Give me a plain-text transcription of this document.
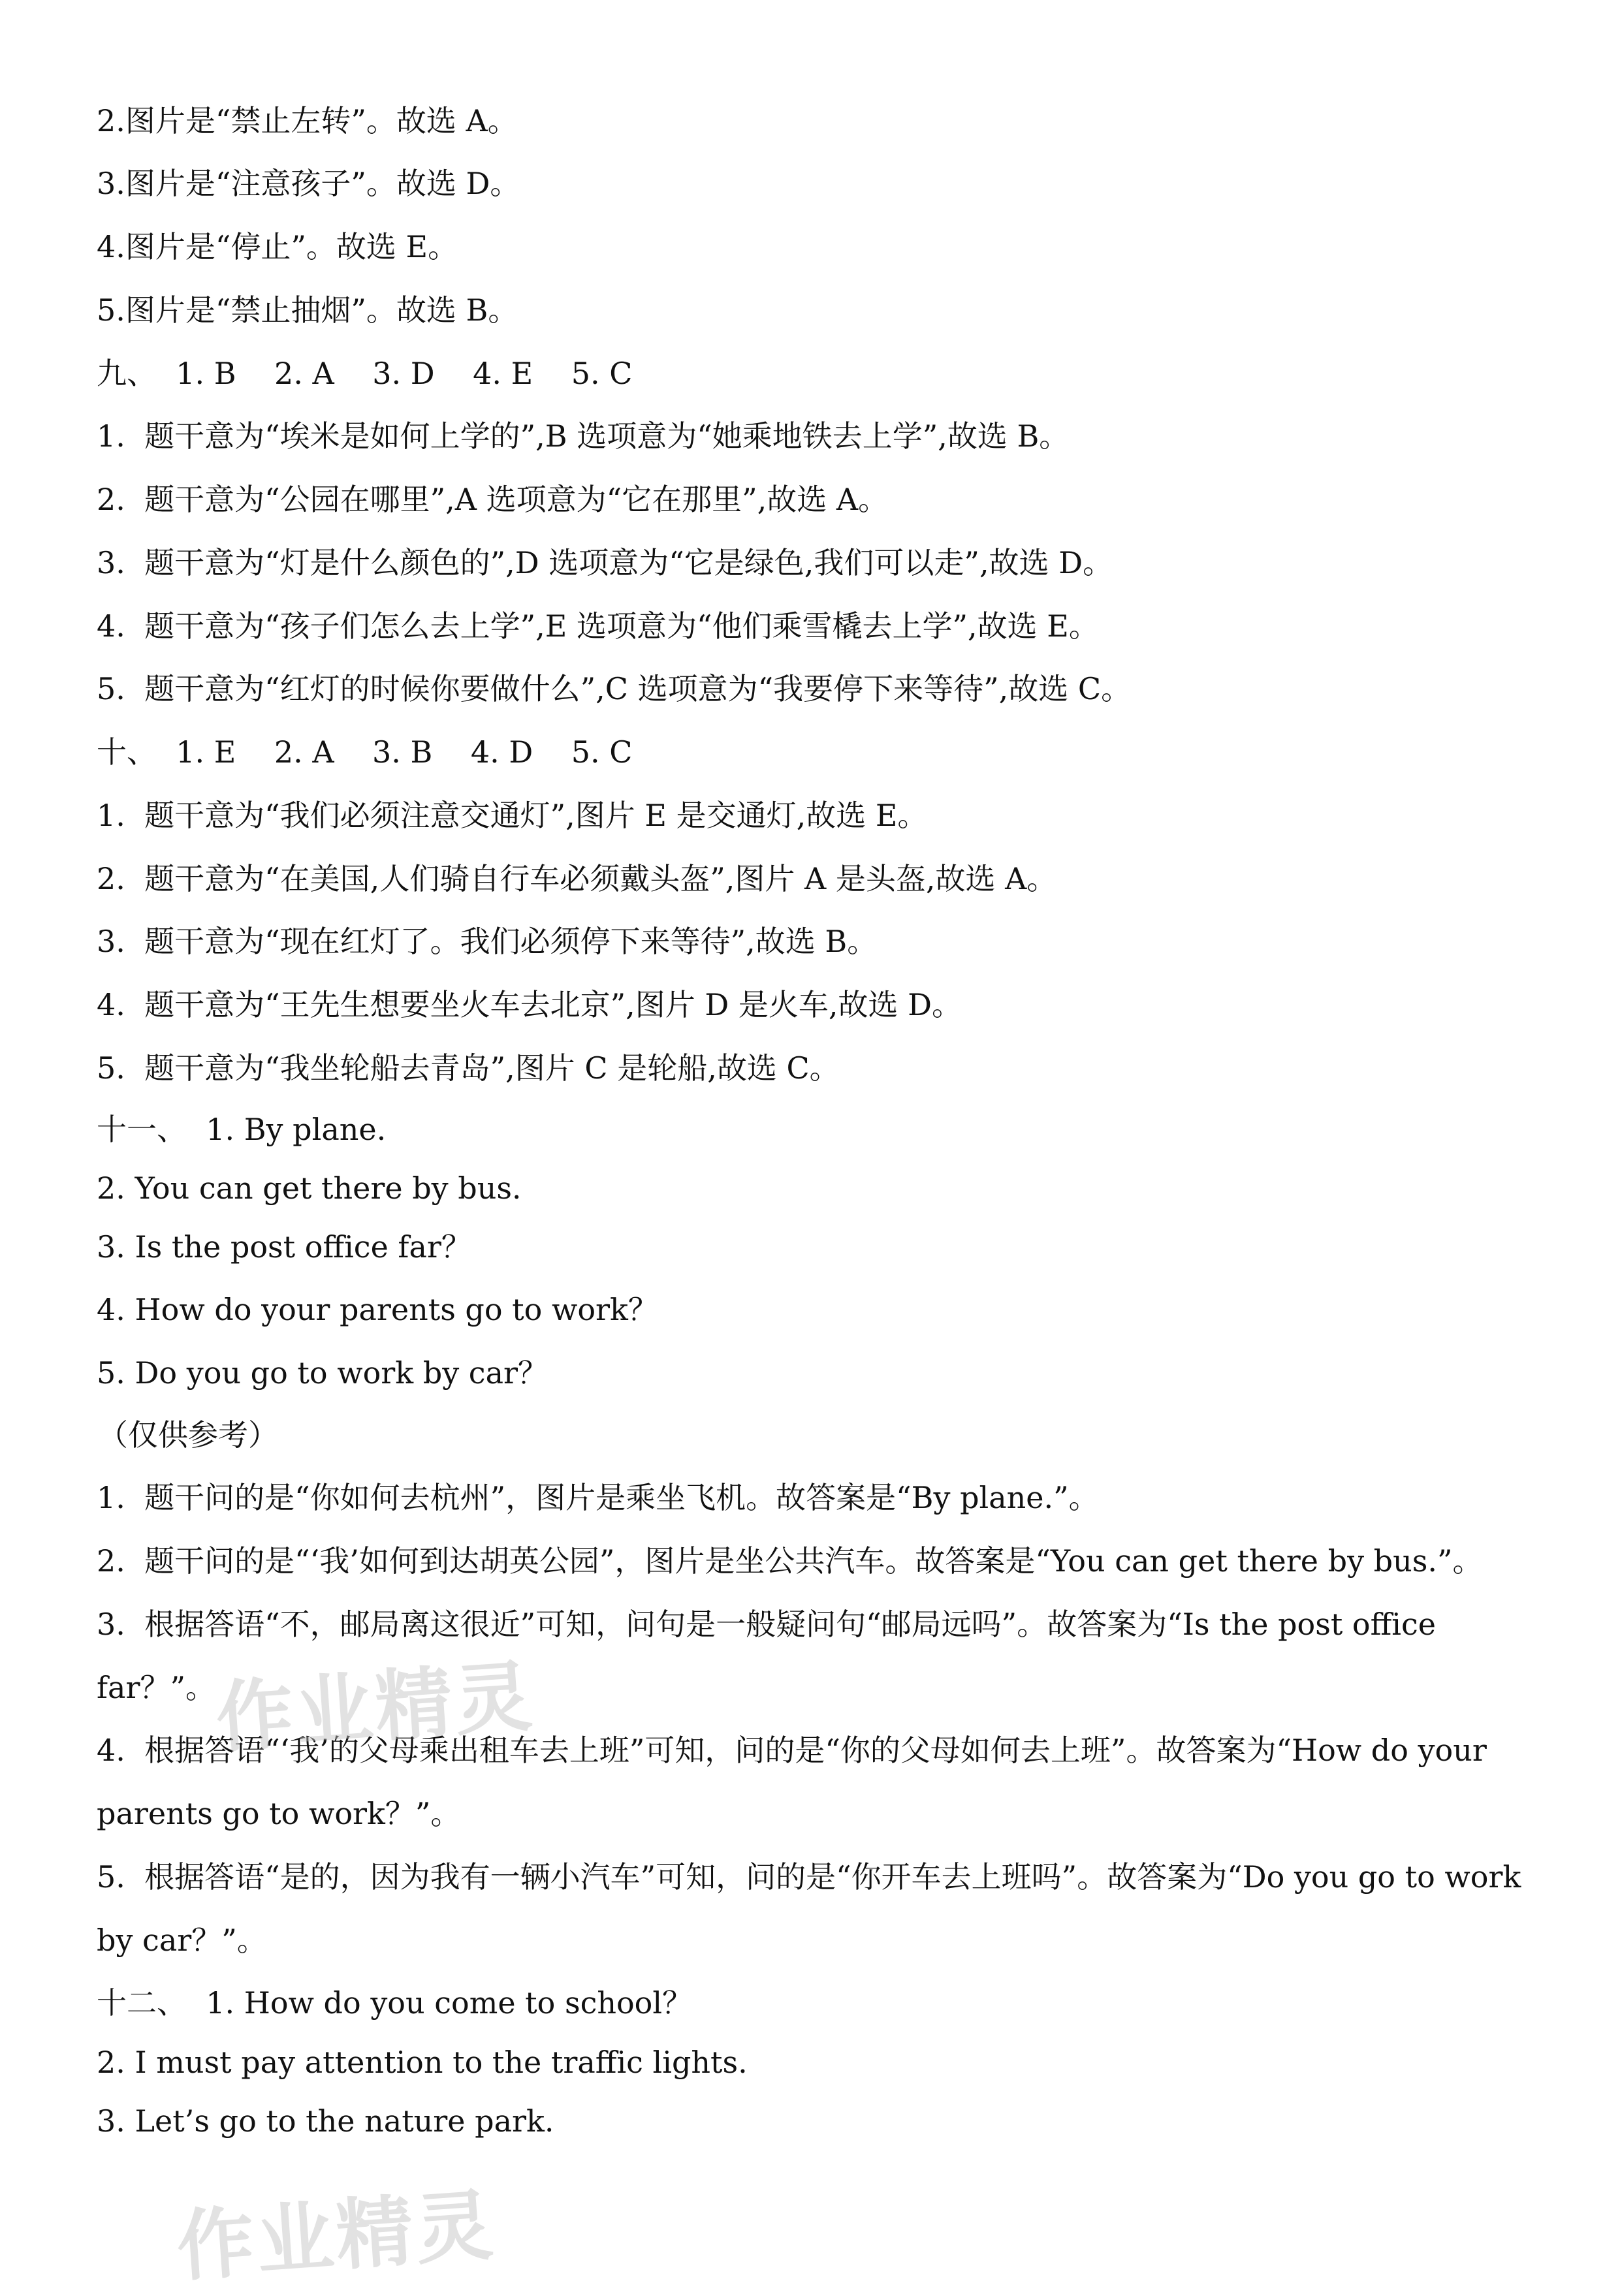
2.图片是“禁止左转”。故选 A。
3.图片是“注意孩子”。故选 D。
4.图片是“停止”。故选 E。
5.图片是“禁止抽烟”。故选 B。
九、  1. B    2. A    3. D    4. E    5. C
1.  题干意为“埃米是如何上学的”,B 选项意为“她乘地铁去上学”,故选 B。
2.  题干意为“公园在哪里”,A 选项意为“它在那里”,故选 A。
3.  题干意为“灯是什么颜色的”,D 选项意为“它是绿色,我们可以走”,故选 D。
4.  题干意为“孩子们怎么去上学”,E 选项意为“他们乘雪橇去上学”,故选 E。
5.  题干意为“红灯的时候你要做什么”,C 选项意为“我要停下来等待”,故选 C。
十、  1. E    2. A    3. B    4. D    5. C
1.  题干意为“我们必须注意交通灯”,图片 E 是交通灯,故选 E。
2.  题干意为“在美国,人们骑自行车必须戴头盔”,图片 A 是头盔,故选 A。
3.  题干意为“现在红灯了。我们必须停下来等待”,故选 B。
4.  题干意为“王先生想要坐火车去北京”,图片 D 是火车,故选 D。
5.  题干意为“我坐轮船去青岛”,图片 C 是轮船,故选 C。
十一、  1. By plane.
2. You can get there by bus.
3. Is the post office far？
4. How do your parents go to work？
5. Do you go to work by car？
（仅供参考）
1.  题干问的是“你如何去杭州”，图片是乘坐飞机。故答案是“By plane.”。
2.  题干问的是“‘我’如何到达胡英公园”，图片是坐公共汽车。故答案是“You can get there by bus.”。
3.  根据答语“不，邮局离这很近”可知，问句是一般疑问句“邮局远吗”。故答案为“Is the post office
far？”。
4.  根据答语“‘我’的父母乘出租车去上班”可知，问的是“你的父母如何去上班”。故答案为“How do your
parents go to work？”。
5.  根据答语“是的，因为我有一辆小汽车”可知，问的是“你开车去上班吗”。故答案为“Do you go to work
by car？”。
十二、  1. How do you come to school？
2. I must pay attention to the traffic lights.
3. Let’s go to the nature park.
作业精灵
作业精灵
